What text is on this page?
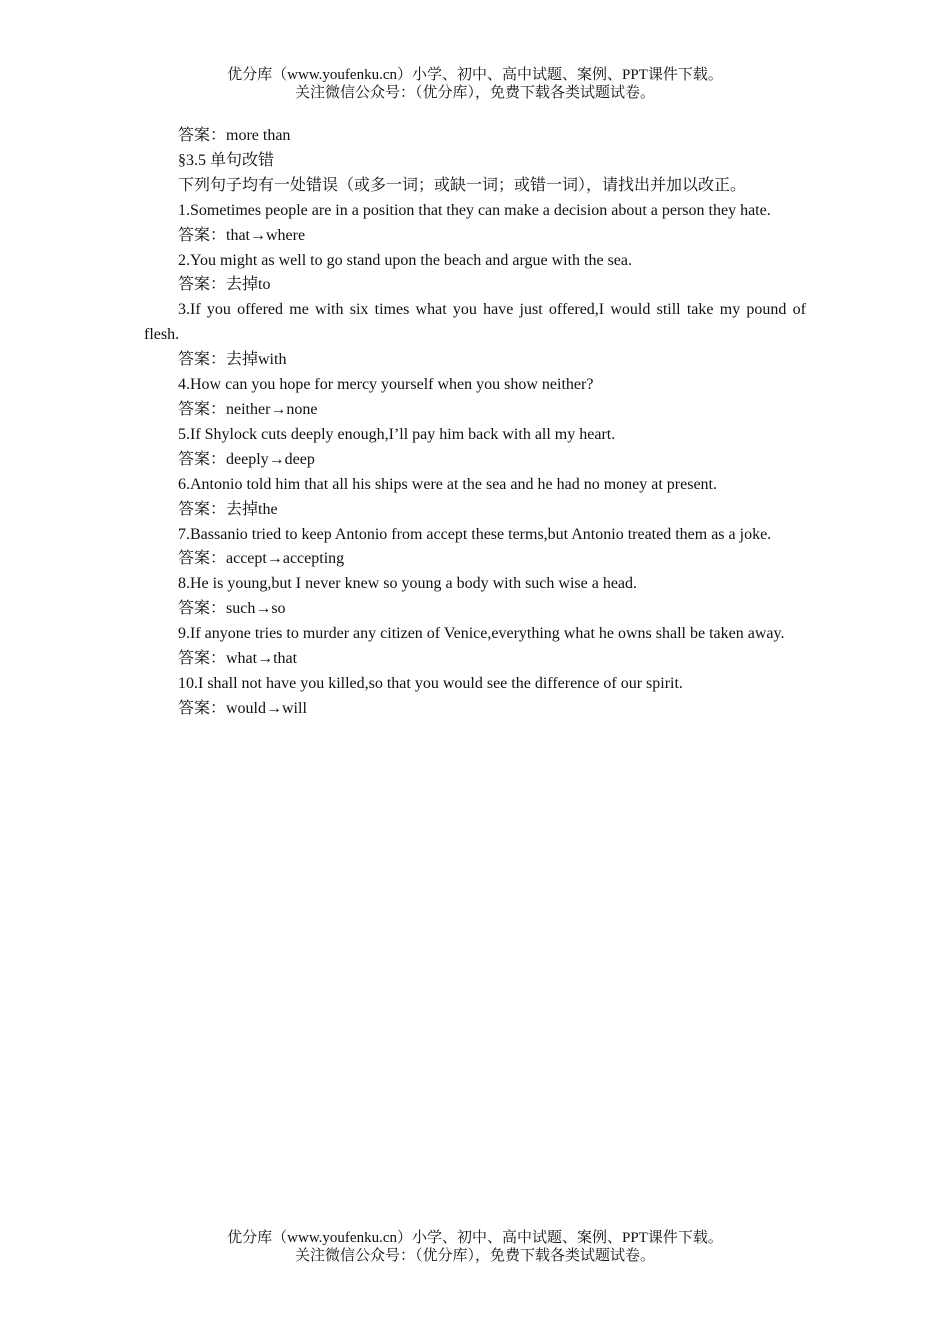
优分库（www.youfenku.cn）小学、初中、高中试题、案例、PPT课件下载。
关注微信公众号：（优分库），免费下载各类试题试卷。

答案：more than

§3.5 单句改错

下列句子均有一处错误（或多一词；或缺一词；或错一词），请找出并加以改正。

1.Sometimes people are in a position that they can make a decision about a person they hate.

答案：that→where

2.You might as well to go stand upon the beach and argue with the sea.

答案：去掉to

3.If you offered me with six times what you have just offered,I would still take my pound of flesh.

答案：去掉with

4.How can you hope for mercy yourself when you show neither?

答案：neither→none

5.If Shylock cuts deeply enough,I’ll pay him back with all my heart.

答案：deeply→deep

6.Antonio told him that all his ships were at the sea and he had no money at present.

答案：去掉the

7.Bassanio tried to keep Antonio from accept these terms,but Antonio treated them as a joke.

答案：accept→accepting

8.He is young,but I never knew so young a body with such wise a head.

答案：such→so

9.If anyone tries to murder any citizen of Venice,everything what he owns shall be taken away.

答案：what→that

10.I shall not have you killed,so that you would see the difference of our spirit.

答案：would→will

优分库（www.youfenku.cn）小学、初中、高中试题、案例、PPT课件下载。
关注微信公众号：（优分库），免费下载各类试题试卷。
